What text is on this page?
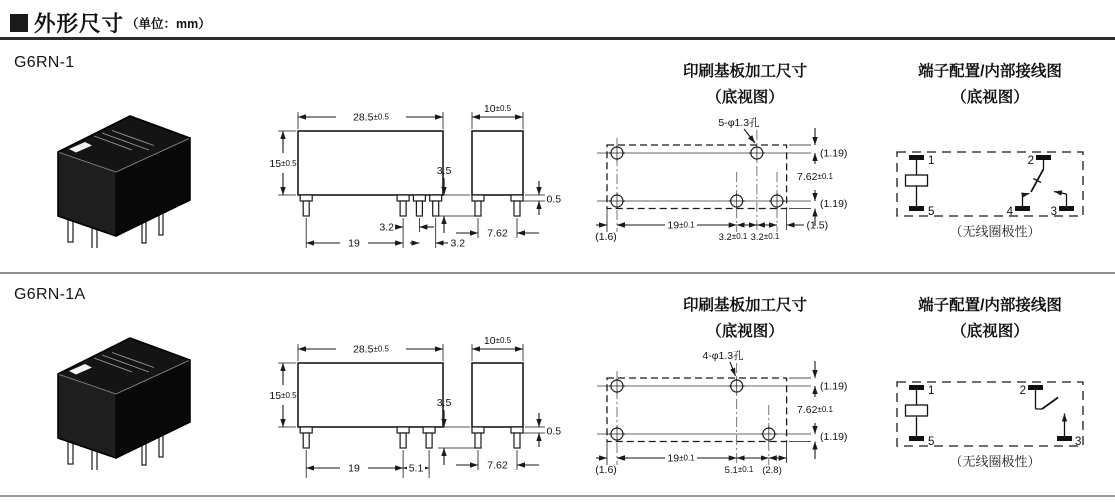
外形尺寸 （单位：mm）
G6RN-1
28.5±0.5
15±0.5
3.2
19	3.2
10±0.5
3.5
0.5
7.62
印刷基板加工尺寸
（底视图）
5-φ1.3孔
(1.19)
7.62±0.1
(1.19)
(1.6)
19±0.1
3.2±0.1 3.2±0.1
(1.5)
端子配置/内部接线图
（底视图）
1
5
2
4	3
（无线圈极性）
G6RN-1A
28.5±0.5
15±0.5
19	5.1
10±0.5
3.5
0.5
7.62
印刷基板加工尺寸
（底视图）
4-φ1.3孔
(1.19)
7.62±0.1
(1.19)
(1.6)
19±0.1
5.1±0.1 (2.8)
端子配置/内部接线图
（底视图）
1
5
2
3
（无线圈极性）
